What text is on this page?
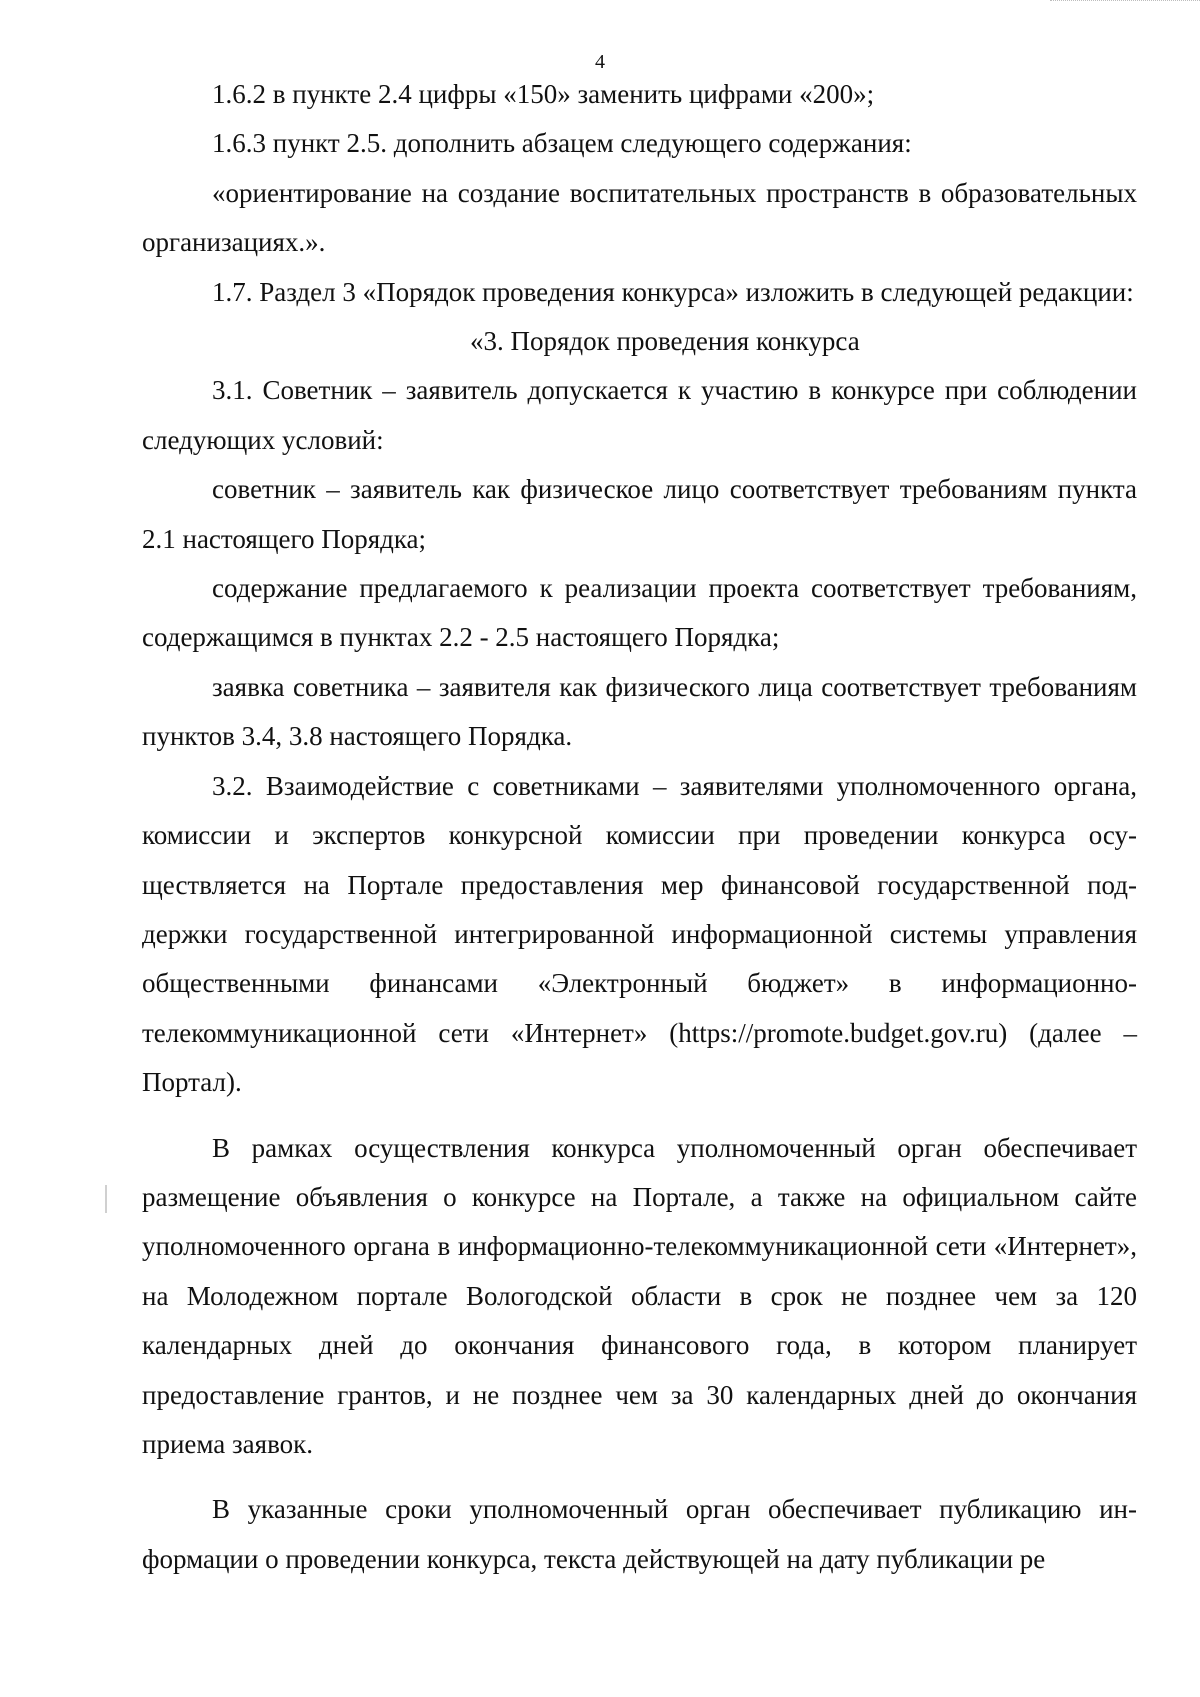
4

1.6.2 в пункте 2.4 цифры «150» заменить цифрами «200»;

1.6.3 пункт 2.5. дополнить абзацем следующего содержания:

«ориентирование на создание воспитательных пространств в образовательных организациях.».

1.7. Раздел 3 «Порядок проведения конкурса» изложить в следующей редакции:

«3. Порядок проведения конкурса

3.1. Советник – заявитель допускается к участию в конкурсе при соблюдении следующих условий:

советник – заявитель как физическое лицо соответствует требованиям пункта 2.1 настоящего Порядка;

содержание предлагаемого к реализации проекта соответствует требованиям, содержащимся в пунктах 2.2 - 2.5 настоящего Порядка;

заявка советника – заявителя как физического лица соответствует требованиям пунктов 3.4, 3.8 настоящего Порядка.

3.2. Взаимодействие с советниками – заявителями уполномоченного органа, комиссии и экспертов конкурсной комиссии при проведении конкурса осуществляется на Портале предоставления мер финансовой государственной поддержки государственной интегрированной информационной системы управления общественными финансами «Электронный бюджет» в информационно-телекоммуникационной сети «Интернет» (https://promote.budget.gov.ru) (далее – Портал).

В рамках осуществления конкурса уполномоченный орган обеспечивает размещение объявления о конкурсе на Портале, а также на официальном сайте уполномоченного органа в информационно-телекоммуникационной сети «Интернет», на Молодежном портале Вологодской области в срок не позднее чем за 120 календарных дней до окончания финансового года, в котором планирует предоставление грантов, и не позднее чем за 30 календарных дней до окончания приема заявок.

В указанные сроки уполномоченный орган обеспечивает публикацию информации о проведении конкурса, текста действующей на дату публикации ре
